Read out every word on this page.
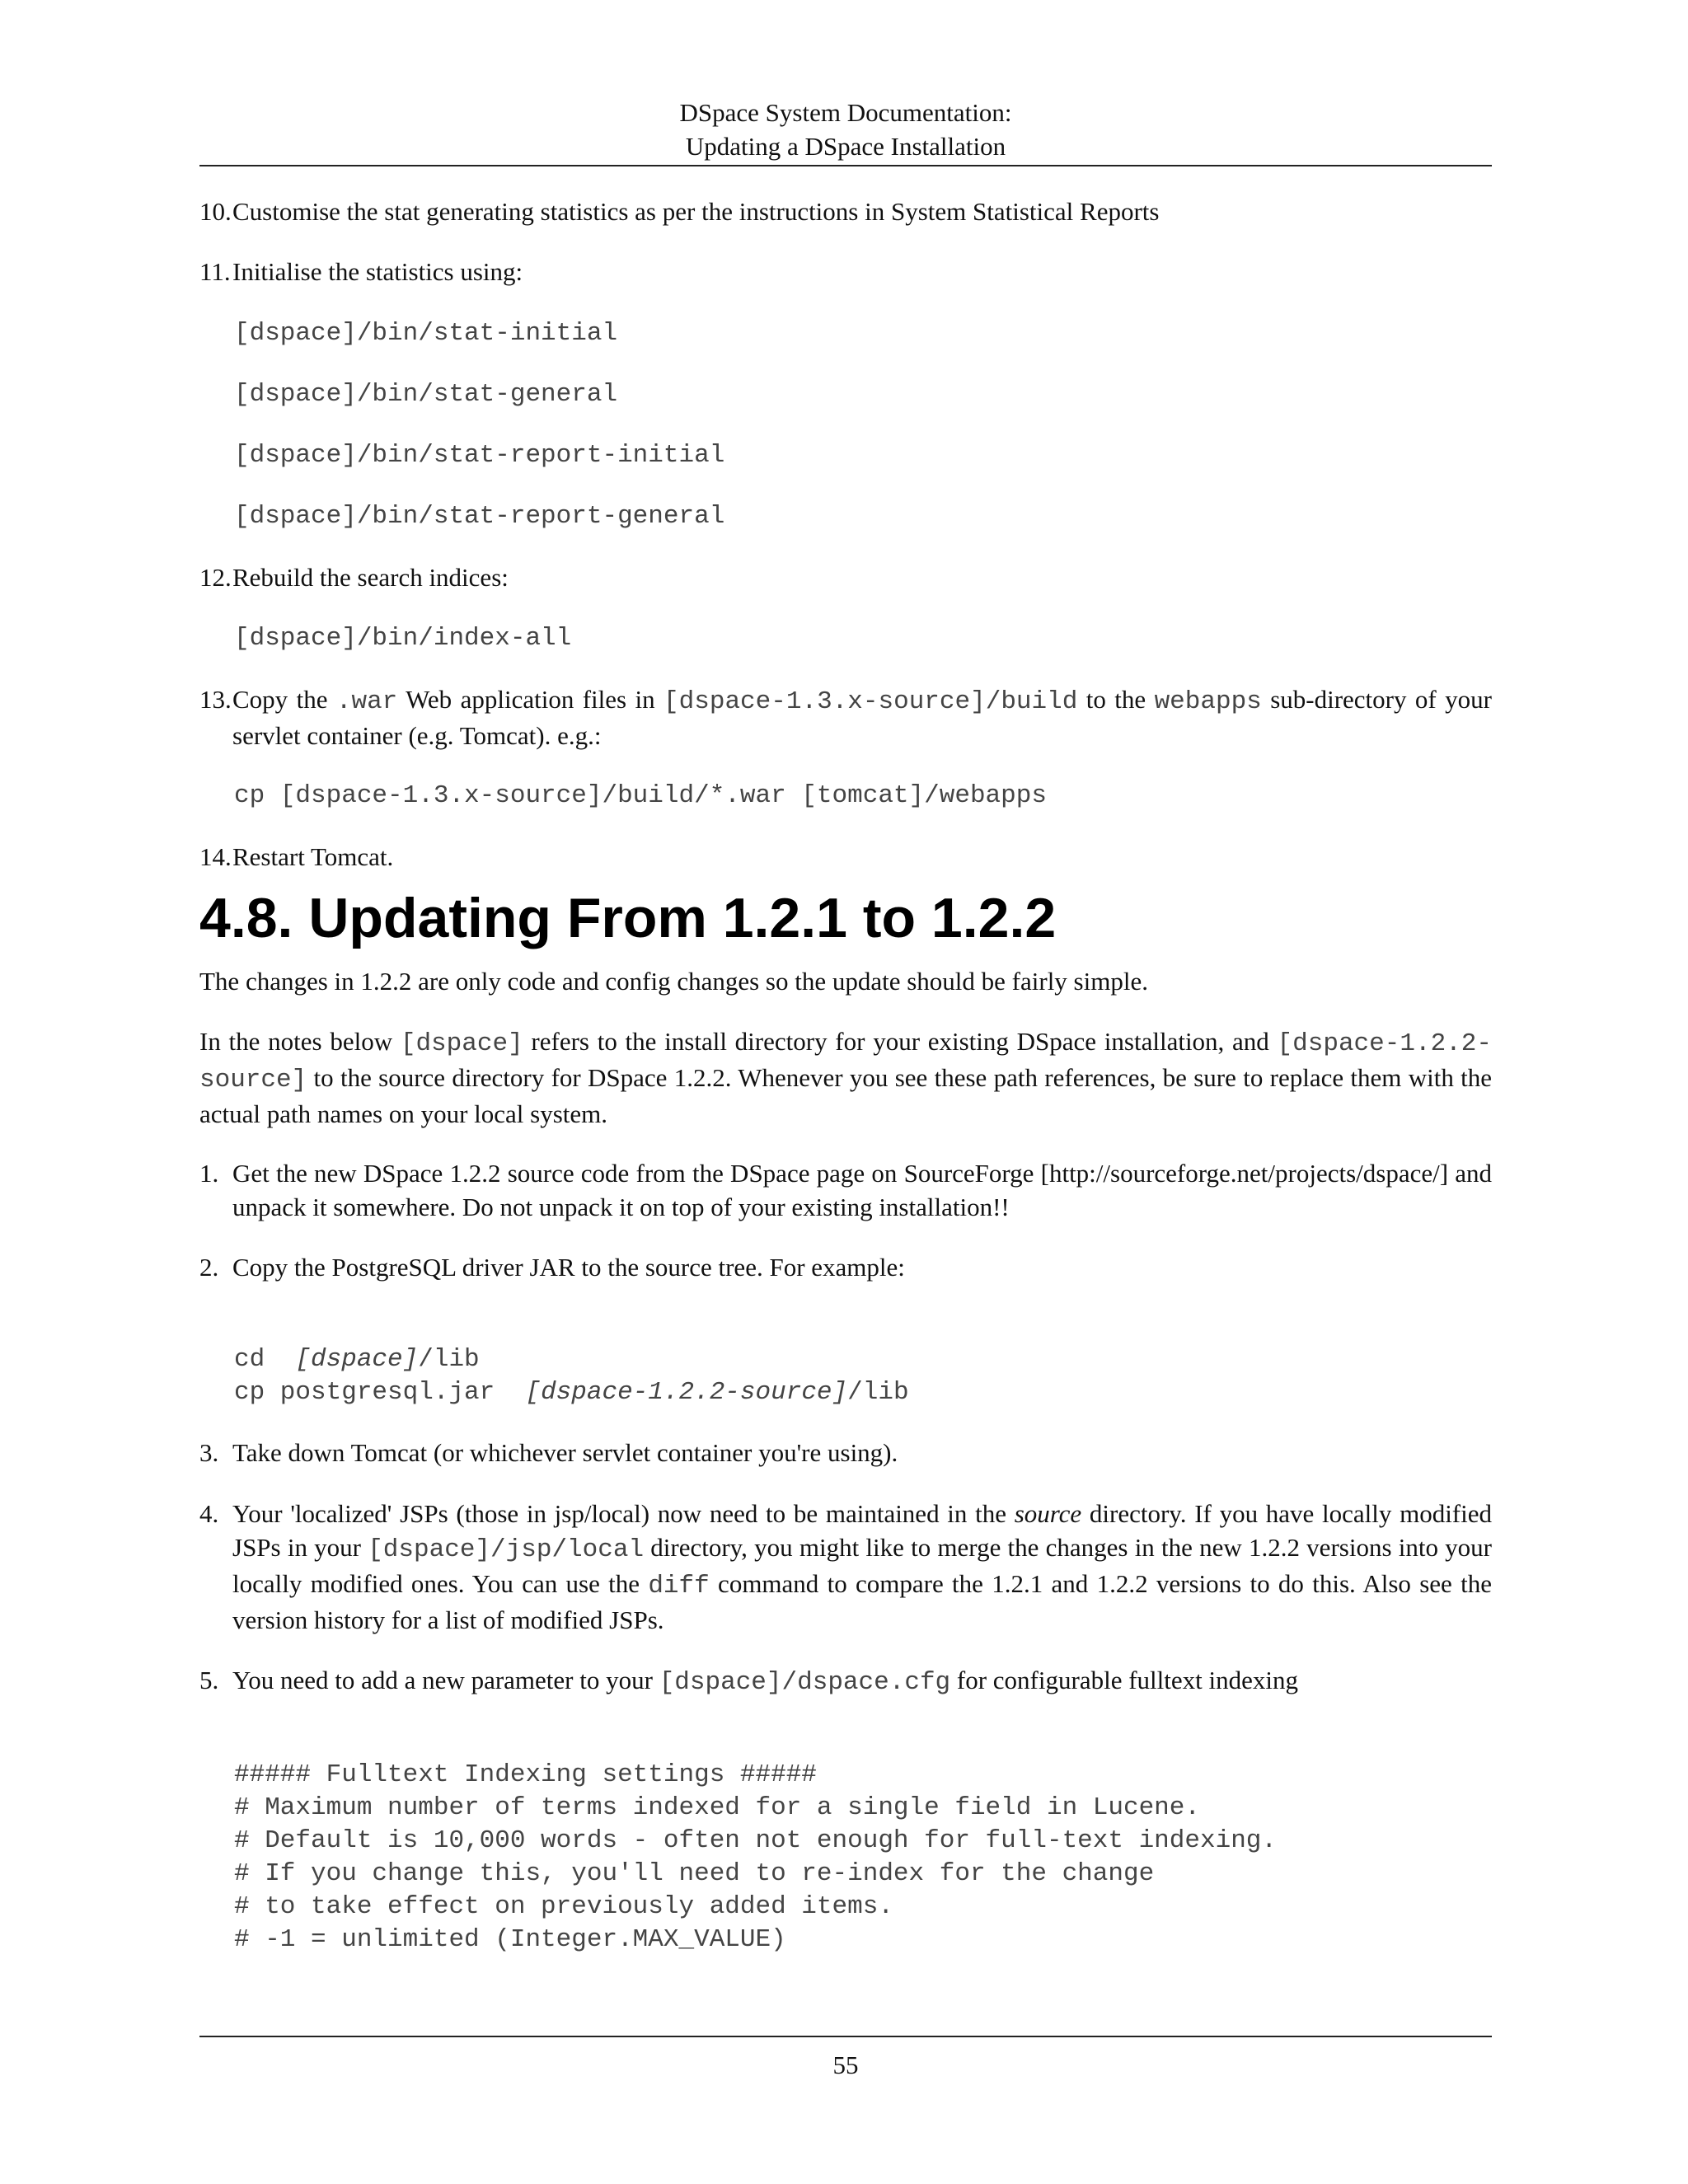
DSpace System Documentation:
Updating a DSpace Installation

10. Customise the stat generating statistics as per the instructions in System Statistical Reports

11. Initialise the statistics using:

[dspace]/bin/stat-initial

[dspace]/bin/stat-general

[dspace]/bin/stat-report-initial

[dspace]/bin/stat-report-general

12. Rebuild the search indices:

[dspace]/bin/index-all

13. Copy the .war Web application files in [dspace-1.3.x-source]/build to the webapps sub-directory of your servlet container (e.g. Tomcat). e.g.:

cp [dspace-1.3.x-source]/build/*.war [tomcat]/webapps

14. Restart Tomcat.

4.8. Updating From 1.2.1 to 1.2.2

The changes in 1.2.2 are only code and config changes so the update should be fairly simple.

In the notes below [dspace] refers to the install directory for your existing DSpace installation, and [dspace-1.2.2-source] to the source directory for DSpace 1.2.2. Whenever you see these path references, be sure to replace them with the actual path names on your local system.

1. Get the new DSpace 1.2.2 source code from the DSpace page on SourceForge [http://sourceforge.net/projects/dspace/] and unpack it somewhere. Do not unpack it on top of your existing installation!!

2. Copy the PostgreSQL driver JAR to the source tree. For example:

cd  [dspace]/lib
cp postgresql.jar  [dspace-1.2.2-source]/lib

3. Take down Tomcat (or whichever servlet container you're using).

4. Your 'localized' JSPs (those in jsp/local) now need to be maintained in the source directory. If you have locally modified JSPs in your [dspace]/jsp/local directory, you might like to merge the changes in the new 1.2.2 versions into your locally modified ones. You can use the diff command to compare the 1.2.1 and 1.2.2 versions to do this. Also see the version history for a list of modified JSPs.

5. You need to add a new parameter to your [dspace]/dspace.cfg for configurable fulltext indexing

##### Fulltext Indexing settings #####
# Maximum number of terms indexed for a single field in Lucene.
# Default is 10,000 words - often not enough for full-text indexing.
# If you change this, you'll need to re-index for the change
# to take effect on previously added items.
# -1 = unlimited (Integer.MAX_VALUE)
55
